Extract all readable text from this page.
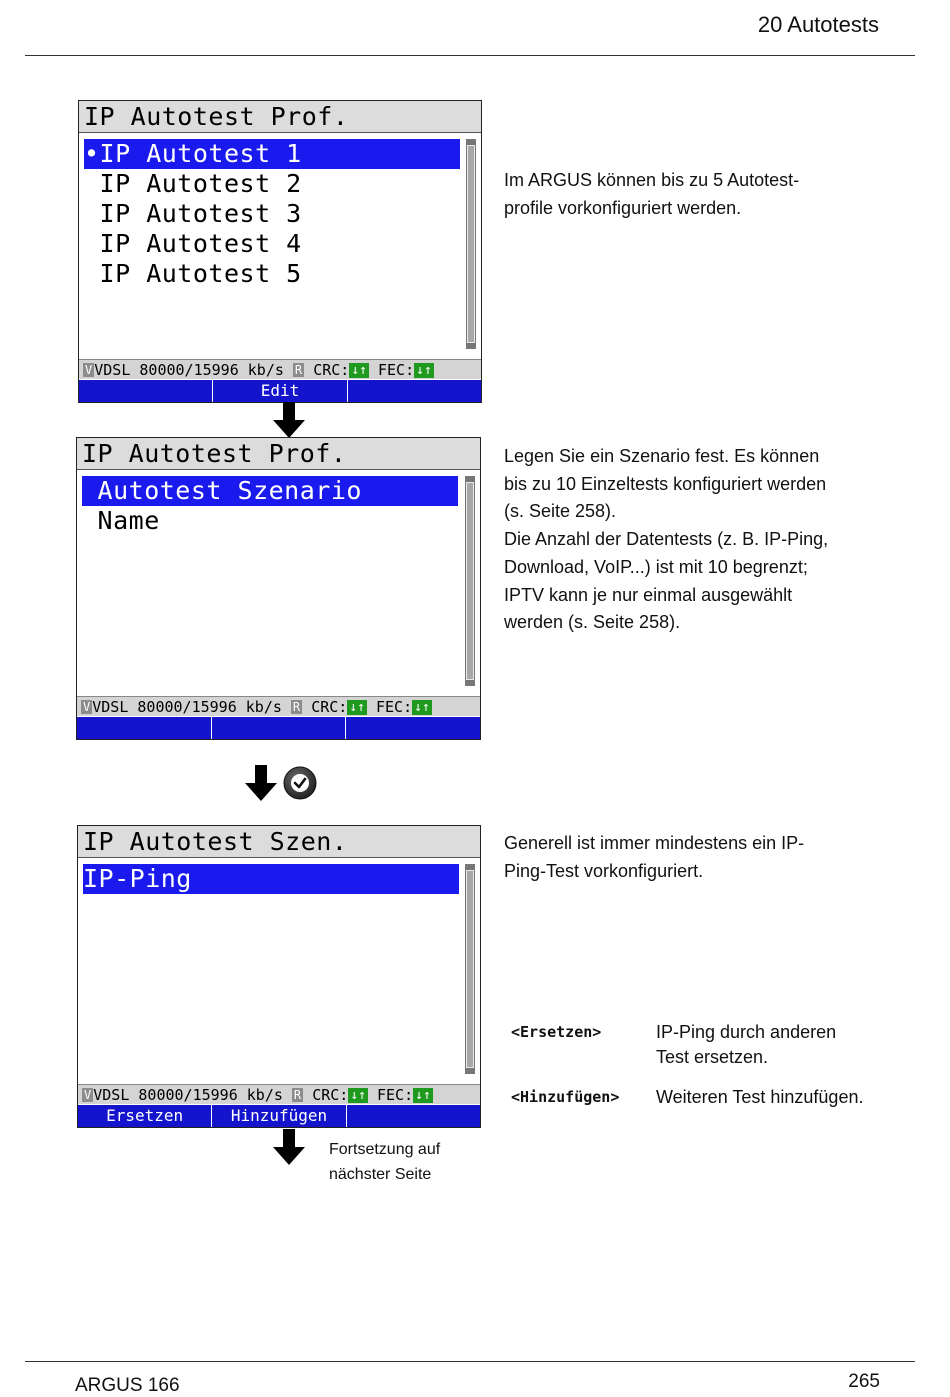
20 Autotests
IP Autotest Prof.
•IP Autotest 1
IP Autotest 2
IP Autotest 3
IP Autotest 4
IP Autotest 5
V VDSL 80000/15996 kb/s R CRC: ↓↑ FEC: ↓↑
Edit
IP Autotest Prof.
Autotest Szenario
Name
V VDSL 80000/15996 kb/s R CRC: ↓↑ FEC: ↓↑
IP Autotest Szen.
IP-Ping
V VDSL 80000/15996 kb/s R CRC: ↓↑ FEC: ↓↑
Ersetzen	Hinzufügen
Fortsetzung auf
nächster Seite
Im ARGUS können bis zu 5 Autotest-
profile vorkonfiguriert werden.
Legen Sie ein Szenario fest. Es können
bis zu 10 Einzeltests konfiguriert werden
(s. Seite 258).
Die Anzahl der Datentests (z. B. IP-Ping,
Download, VoIP...) ist mit 10 begrenzt;
IPTV kann je nur einmal ausgewählt
werden (s. Seite 258).
Generell ist immer mindestens ein IP-
Ping-Test vorkonfiguriert.
<Ersetzen>	IP-Ping durch anderen
Test ersetzen.
<Hinzufügen> Weiteren Test hinzufügen.
ARGUS 166	265
